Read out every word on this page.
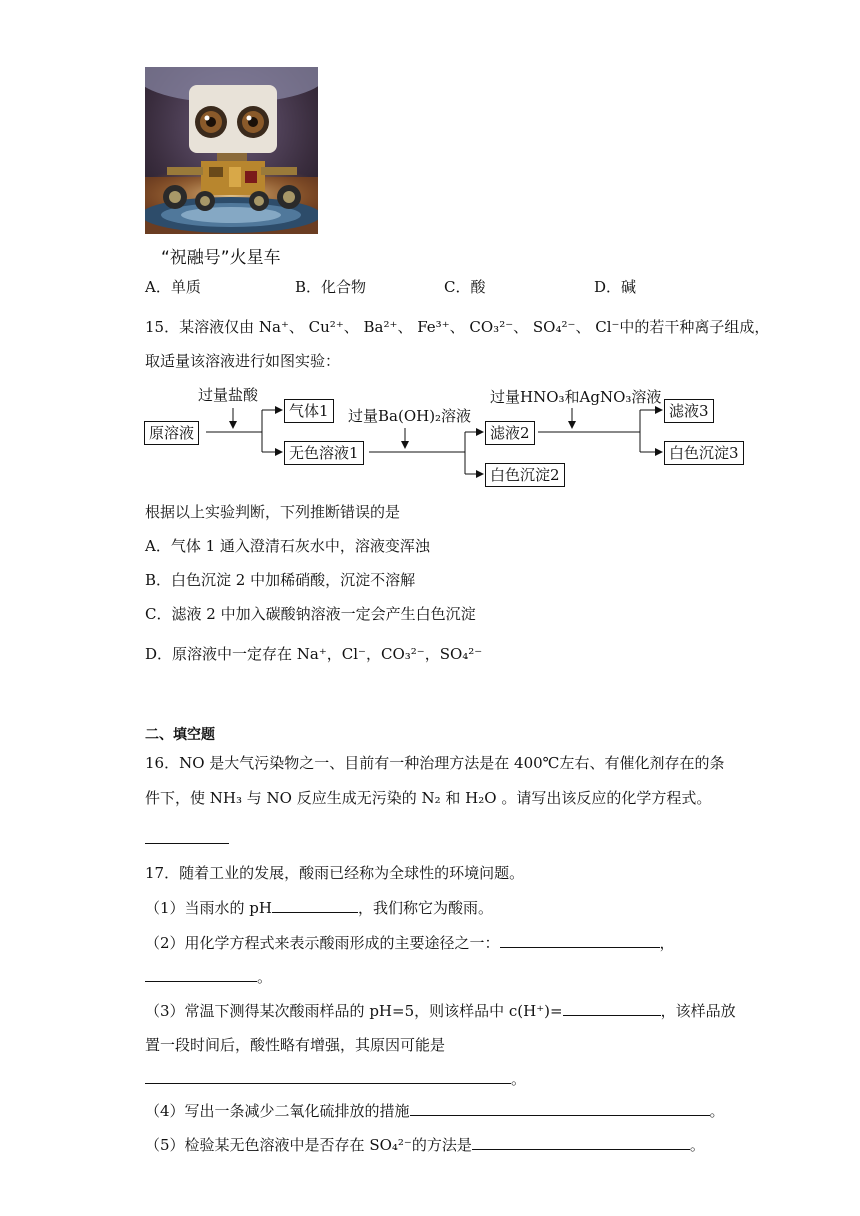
“祝融号”火星车
A．单质	B．化合物	C．酸	D．碱
15．某溶液仅由 Na⁺、 Cu²⁺、 Ba²⁺、 Fe³⁺、 CO₃²⁻、 SO₄²⁻、 Cl⁻中的若干种离子组成，
取适量该溶液进行如图实验：
原溶液
过量盐酸
气体1
无色溶液1
过量Ba(OH)₂溶液
滤液2
白色沉淀2
过量HNO₃和AgNO₃溶液
滤液3
白色沉淀3
根据以上实验判断，下列推断错误的是
A．气体 1 通入澄清石灰水中，溶液变浑浊
B．白色沉淀 2 中加稀硝酸，沉淀不溶解
C．滤液 2 中加入碳酸钠溶液一定会产生白色沉淀
D．原溶液中一定存在 Na⁺，Cl⁻，CO₃²⁻，SO₄²⁻
二、填空题
16．NO 是大气污染物之一、目前有一种治理方法是在 400℃左右、有催化剂存在的条
件下，使 NH₃ 与 NO 反应生成无污染的 N₂ 和 H₂O 。请写出该反应的化学方程式。
17．随着工业的发展，酸雨已经称为全球性的环境问题。
（1）当雨水的 pH	，我们称它为酸雨。
（2）用化学方程式来表示酸雨形成的主要途径之一：	，
。
（3）常温下测得某次酸雨样品的 pH=5，则该样品中 c(H⁺)=	，该样品放
置一段时间后，酸性略有增强，其原因可能是
。
（4）写出一条减少二氧化硫排放的措施	。
（5）检验某无色溶液中是否存在 SO₄²⁻的方法是	。
